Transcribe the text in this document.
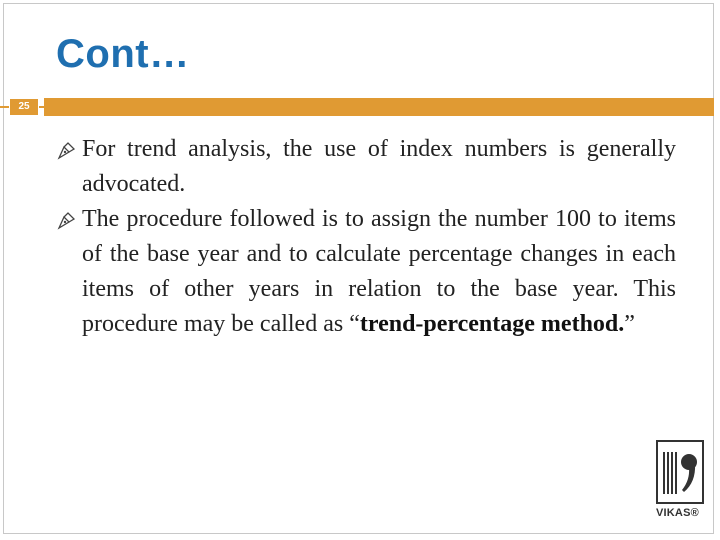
Cont…
25
For trend analysis, the use of index numbers is generally advocated.
The procedure followed is to assign the number 100 to items of the base year and to calculate percentage changes in each items of other years in relation to the base year. This procedure may be called as “trend-percentage method.”
VIKAS®
